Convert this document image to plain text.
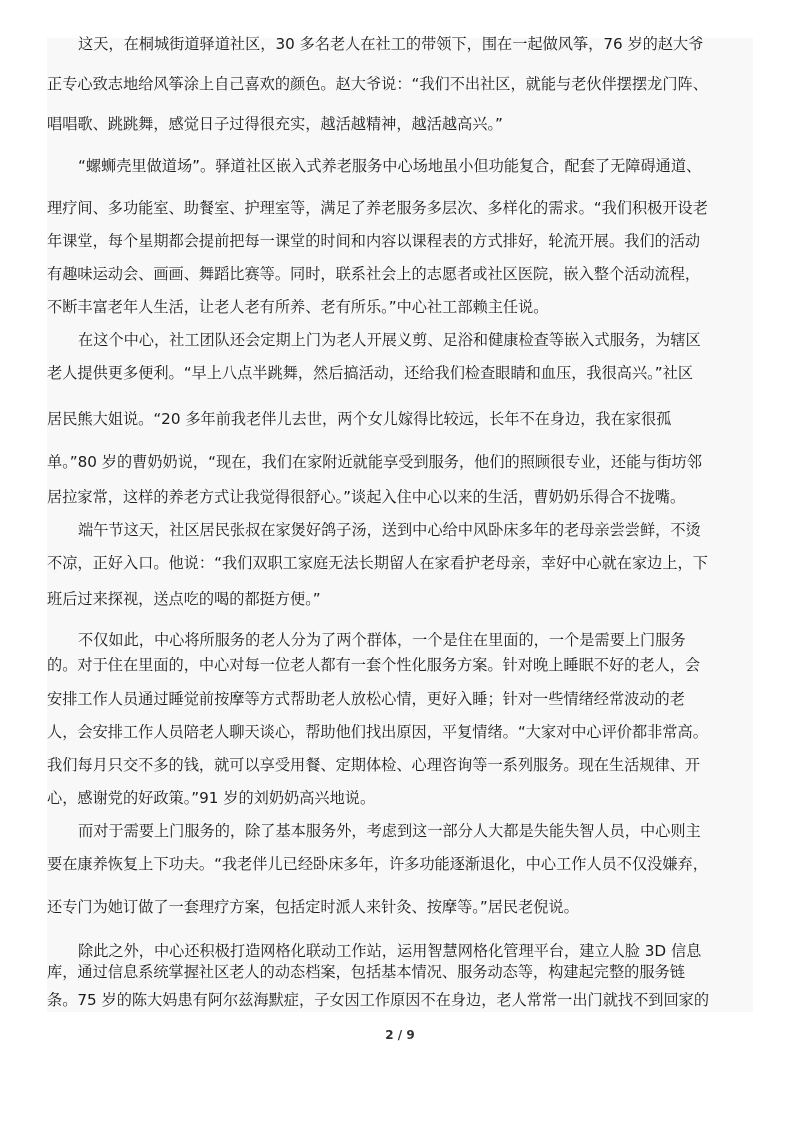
这天，在桐城街道驿道社区，30 多名老人在社工的带领下，围在一起做风筝，76 岁的赵大爷
正专心致志地给风筝涂上自己喜欢的颜色。赵大爷说：“我们不出社区，就能与老伙伴摆摆龙门阵、
唱唱歌、跳跳舞，感觉日子过得很充实，越活越精神，越活越高兴。”
“螺蛳壳里做道场”。驿道社区嵌入式养老服务中心场地虽小但功能复合，配套了无障碍通道、
理疗间、多功能室、助餐室、护理室等，满足了养老服务多层次、多样化的需求。“我们积极开设老
年课堂，每个星期都会提前把每一课堂的时间和内容以课程表的方式排好，轮流开展。我们的活动
有趣味运动会、画画、舞蹈比赛等。同时，联系社会上的志愿者或社区医院，嵌入整个活动流程，
不断丰富老年人生活，让老人老有所养、老有所乐。”中心社工部赖主任说。
在这个中心，社工团队还会定期上门为老人开展义剪、足浴和健康检查等嵌入式服务，为辖区
老人提供更多便利。“早上八点半跳舞，然后搞活动，还给我们检查眼睛和血压，我很高兴。”社区
居民熊大姐说。“20 多年前我老伴儿去世，两个女儿嫁得比较远，长年不在身边，我在家很孤
单。”80 岁的曹奶奶说，“现在，我们在家附近就能享受到服务，他们的照顾很专业，还能与街坊邻
居拉家常，这样的养老方式让我觉得很舒心。”谈起入住中心以来的生活，曹奶奶乐得合不拢嘴。
端午节这天，社区居民张叔在家煲好鸽子汤，送到中心给中风卧床多年的老母亲尝尝鲜，不烫
不凉，正好入口。他说：“我们双职工家庭无法长期留人在家看护老母亲，幸好中心就在家边上，下
班后过来探视，送点吃的喝的都挺方便。”
不仅如此，中心将所服务的老人分为了两个群体，一个是住在里面的，一个是需要上门服务
的。对于住在里面的，中心对每一位老人都有一套个性化服务方案。针对晚上睡眠不好的老人，会
安排工作人员通过睡觉前按摩等方式帮助老人放松心情，更好入睡；针对一些情绪经常波动的老
人，会安排工作人员陪老人聊天谈心，帮助他们找出原因，平复情绪。“大家对中心评价都非常高。
我们每月只交不多的钱，就可以享受用餐、定期体检、心理咨询等一系列服务。现在生活规律、开
心，感谢党的好政策。”91 岁的刘奶奶高兴地说。
而对于需要上门服务的，除了基本服务外，考虑到这一部分人大都是失能失智人员，中心则主
要在康养恢复上下功夫。“我老伴儿已经卧床多年，许多功能逐渐退化，中心工作人员不仅没嫌弃，
还专门为她订做了一套理疗方案，包括定时派人来针灸、按摩等。”居民老倪说。
除此之外，中心还积极打造网格化联动工作站，运用智慧网格化管理平台，建立人脸 3D 信息
库，通过信息系统掌握社区老人的动态档案，包括基本情况、服务动态等，构建起完整的服务链
条。75 岁的陈大妈患有阿尔兹海默症，子女因工作原因不在身边，老人常常一出门就找不到回家的
2 / 9
